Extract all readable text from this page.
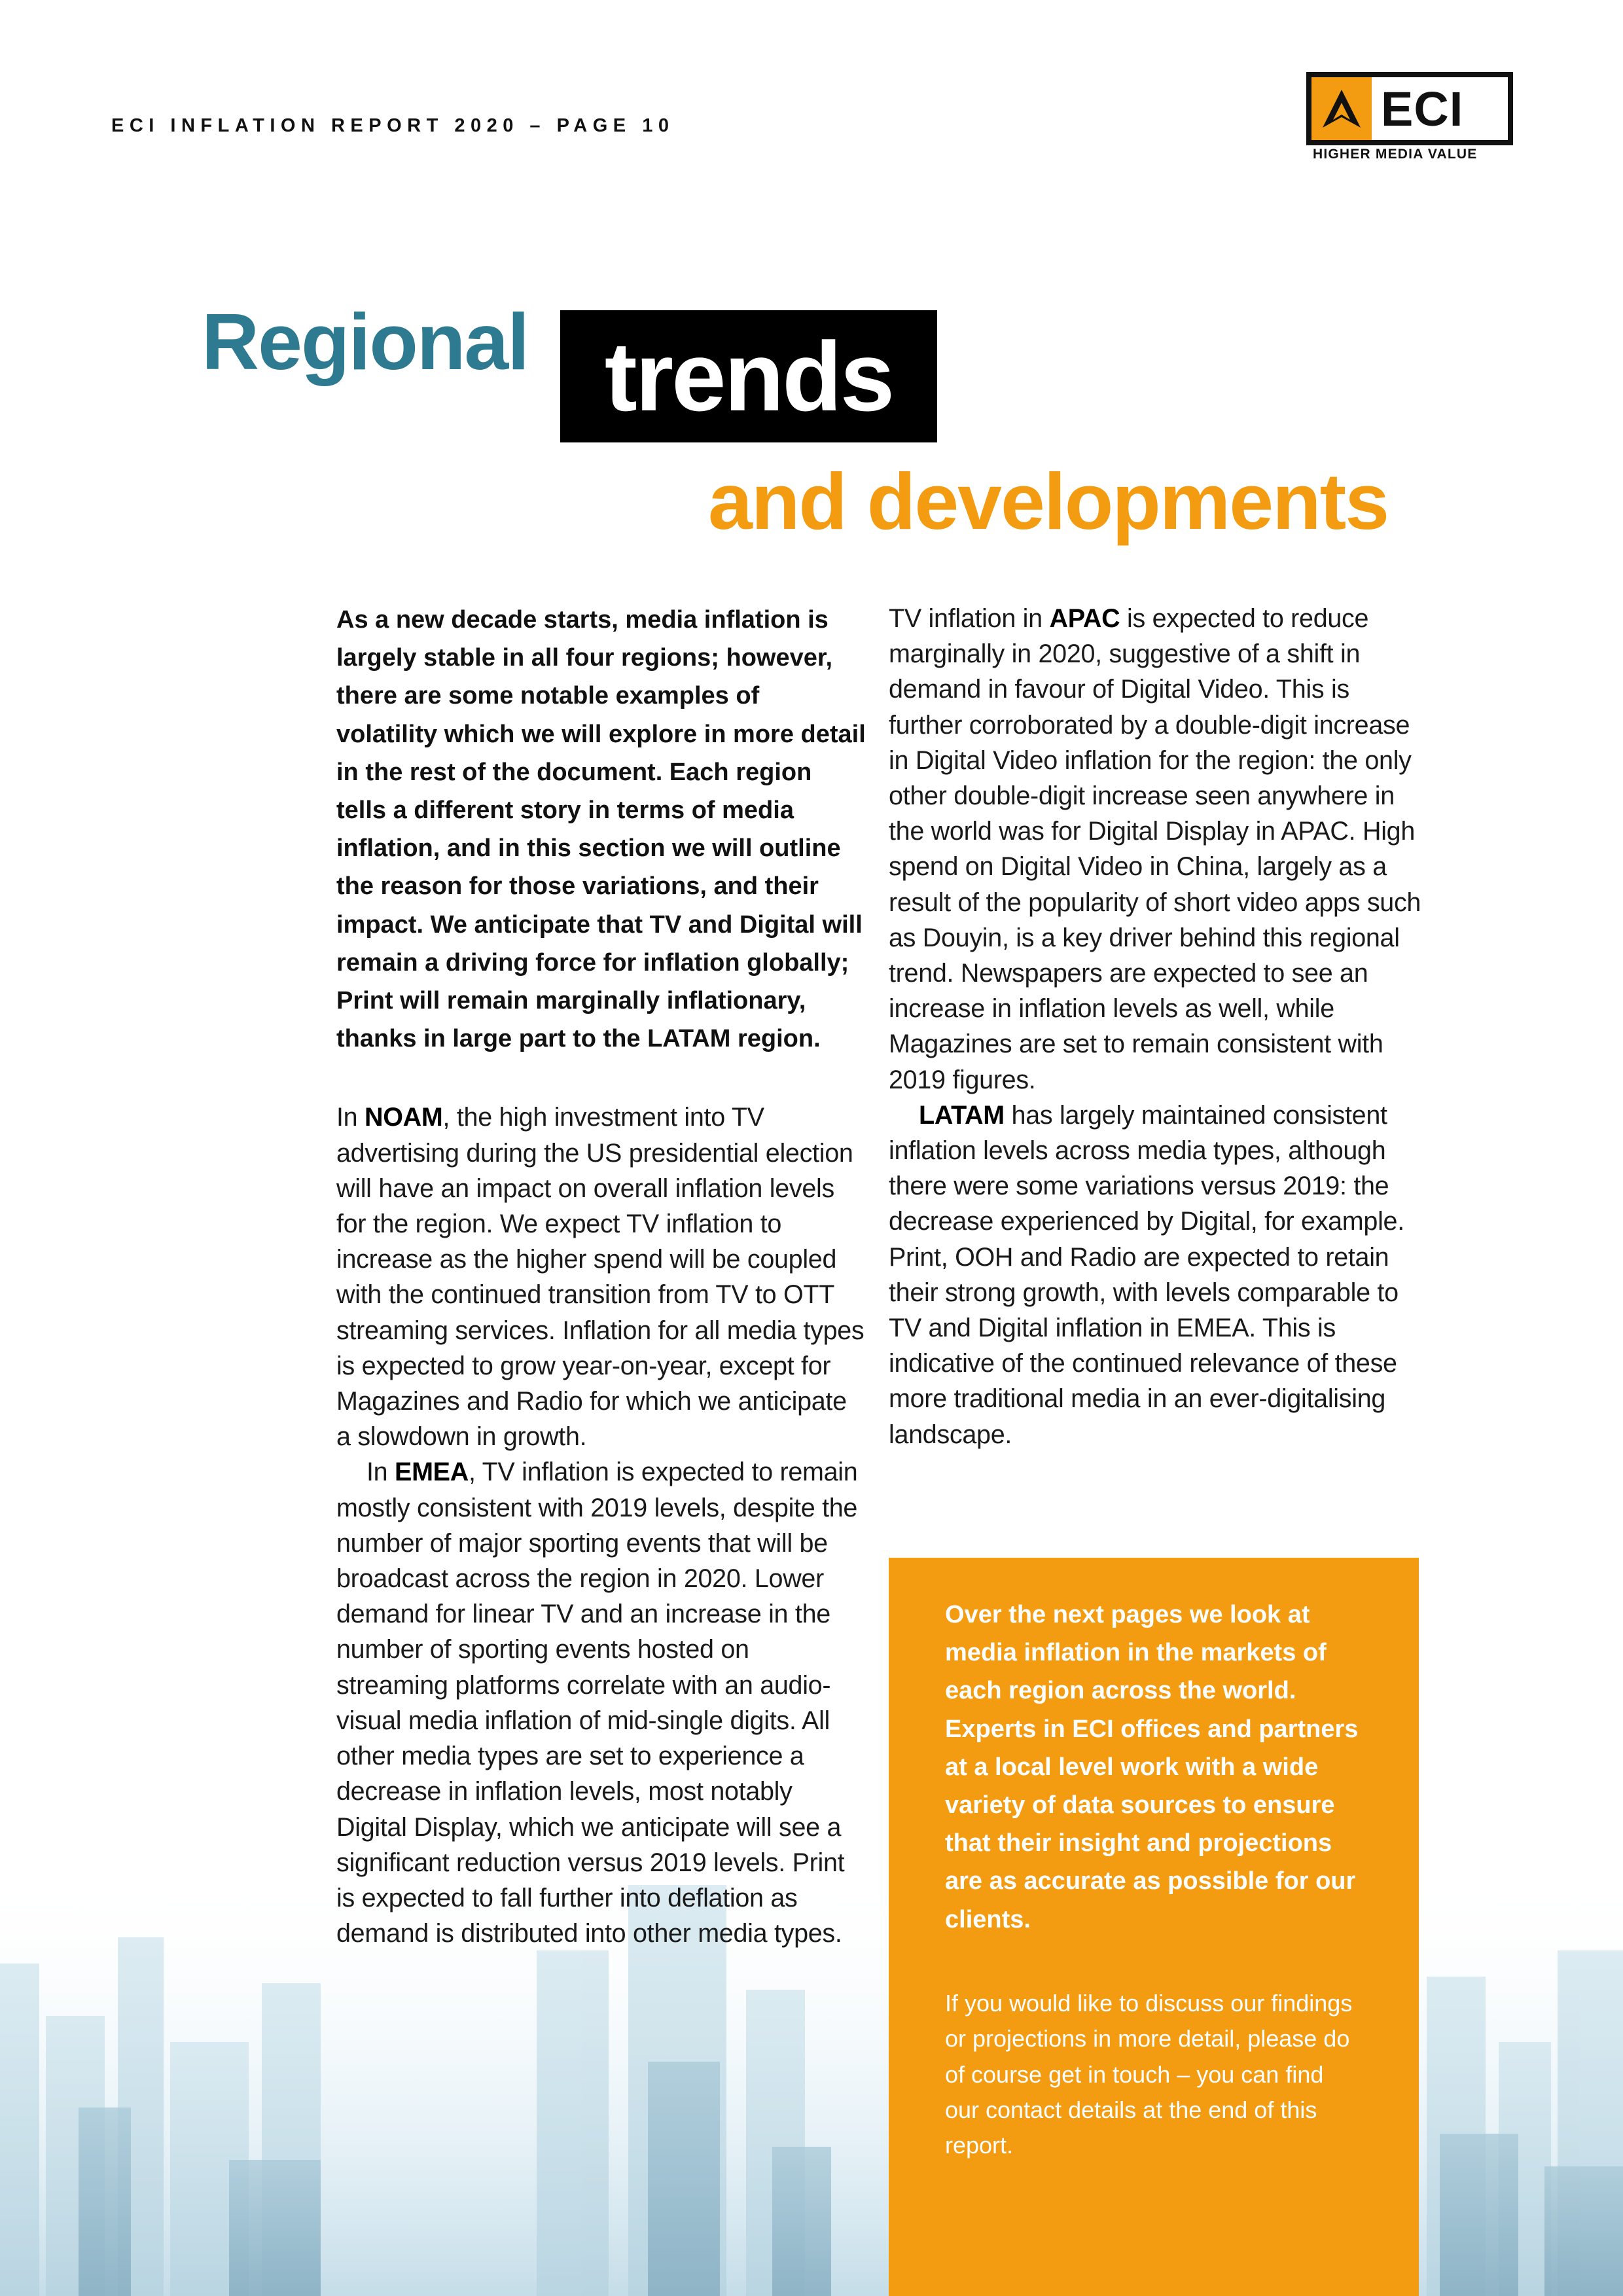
ECI INFLATION REPORT 2020 – PAGE 10	ECI
HIGHER MEDIA VALUE
Regional trends
and developments

As a new decade starts, media inflation is largely stable in all four regions; however, there are some notable examples of volatility which we will explore in more detail in the rest of the document. Each region tells a different story in terms of media inflation, and in this section we will outline the reason for those variations, and their impact. We anticipate that TV and Digital will remain a driving force for inflation globally; Print will remain marginally inflationary, thanks in large part to the LATAM region.

In NOAM, the high investment into TV advertising during the US presidential election will have an impact on overall inflation levels for the region. We expect TV inflation to increase as the higher spend will be coupled with the continued transition from TV to OTT streaming services. Inflation for all media types is expected to grow year-on-year, except for Magazines and Radio for which we anticipate a slowdown in growth.

In EMEA, TV inflation is expected to remain mostly consistent with 2019 levels, despite the number of major sporting events that will be broadcast across the region in 2020. Lower demand for linear TV and an increase in the number of sporting events hosted on streaming platforms correlate with an audio-visual media inflation of mid-single digits. All other media types are set to experience a decrease in inflation levels, most notably Digital Display, which we anticipate will see a significant reduction versus 2019 levels. Print is expected to fall further into deflation as demand is distributed into other media types.

TV inflation in APAC is expected to reduce marginally in 2020, suggestive of a shift in demand in favour of Digital Video. This is further corroborated by a double-digit increase in Digital Video inflation for the region: the only other double-digit increase seen anywhere in the world was for Digital Display in APAC. High spend on Digital Video in China, largely as a result of the popularity of short video apps such as Douyin, is a key driver behind this regional trend. Newspapers are expected to see an increase in inflation levels as well, while Magazines are set to remain consistent with 2019 figures.

LATAM has largely maintained consistent inflation levels across media types, although there were some variations versus 2019: the decrease experienced by Digital, for example. Print, OOH and Radio are expected to retain their strong growth, with levels comparable to TV and Digital inflation in EMEA. This is indicative of the continued relevance of these more traditional media in an ever-digitalising landscape.

Over the next pages we look at media inflation in the markets of each region across the world. Experts in ECI offices and partners at a local level work with a wide variety of data sources to ensure that their insight and projections are as accurate as possible for our clients.

If you would like to discuss our findings or projections in more detail, please do of course get in touch – you can find our contact details at the end of this report.
